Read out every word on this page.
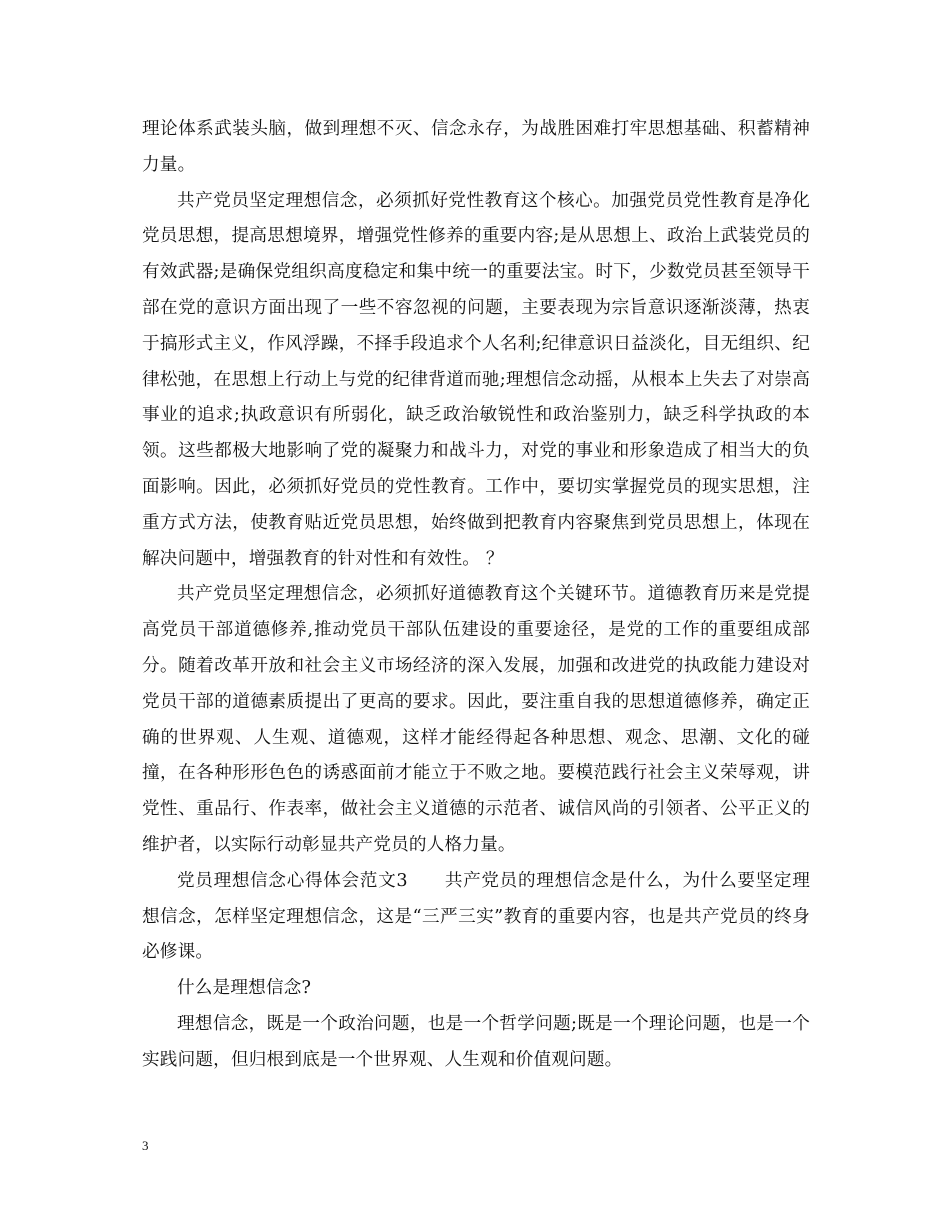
理论体系武装头脑，做到理想不灭、信念永存，为战胜困难打牢思想基础、积蓄精神力量。

共产党员坚定理想信念，必须抓好党性教育这个核心。加强党员党性教育是净化党员思想，提高思想境界，增强党性修养的重要内容;是从思想上、政治上武装党员的有效武器;是确保党组织高度稳定和集中统一的重要法宝。时下，少数党员甚至领导干部在党的意识方面出现了一些不容忽视的问题，主要表现为宗旨意识逐渐淡薄，热衷于搞形式主义，作风浮躁，不择手段追求个人名利;纪律意识日益淡化，目无组织、纪律松弛，在思想上行动上与党的纪律背道而驰;理想信念动摇，从根本上失去了对崇高事业的追求;执政意识有所弱化，缺乏政治敏锐性和政治鉴别力，缺乏科学执政的本领。这些都极大地影响了党的凝聚力和战斗力，对党的事业和形象造成了相当大的负面影响。因此，必须抓好党员的党性教育。工作中，要切实掌握党员的现实思想，注重方式方法，使教育贴近党员思想，始终做到把教育内容聚焦到党员思想上，体现在解决问题中，增强教育的针对性和有效性。 ？

共产党员坚定理想信念，必须抓好道德教育这个关键环节。道德教育历来是党提高党员干部道德修养,推动党员干部队伍建设的重要途径，是党的工作的重要组成部分。随着改革开放和社会主义市场经济的深入发展，加强和改进党的执政能力建设对党员干部的道德素质提出了更高的要求。因此，要注重自我的思想道德修养，确定正确的世界观、人生观、道德观，这样才能经得起各种思想、观念、思潮、文化的碰撞，在各种形形色色的诱惑面前才能立于不败之地。要模范践行社会主义荣辱观，讲党性、重品行、作表率，做社会主义道德的示范者、诚信风尚的引领者、公平正义的维护者，以实际行动彰显共产党员的人格力量。

党员理想信念心得体会范文3　　共产党员的理想信念是什么，为什么要坚定理想信念，怎样坚定理想信念，这是“三严三实”教育的重要内容，也是共产党员的终身必修课。

什么是理想信念?

理想信念，既是一个政治问题，也是一个哲学问题;既是一个理论问题，也是一个实践问题，但归根到底是一个世界观、人生观和价值观问题。

3
